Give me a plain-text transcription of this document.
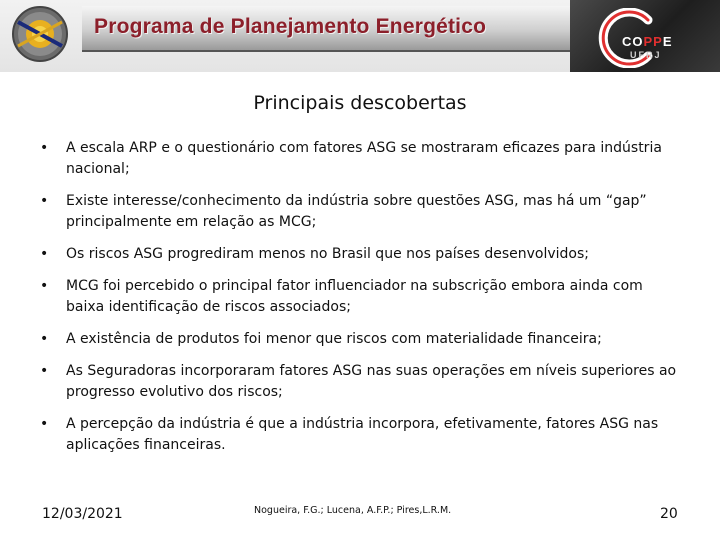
Programa de Planejamento Energético
COPPE
UFRJ
Principais descobertas
• A escala ARP e o questionário com fatores ASG se mostraram eficazes para indústria nacional;
• Existe interesse/conhecimento da indústria sobre questões ASG, mas há um “gap” principalmente em relação as MCG;
• Os riscos ASG progrediram menos no Brasil que nos países desenvolvidos;
• MCG foi percebido o principal fator influenciador na subscrição embora ainda com baixa identificação de riscos associados;
• A existência de produtos foi menor que riscos com materialidade financeira;
• As Seguradoras incorporaram fatores ASG nas suas operações em níveis superiores ao progresso evolutivo dos riscos;
• A percepção da indústria é que a indústria incorpora, efetivamente, fatores ASG nas aplicações financeiras.
12/03/2021	Nogueira, F.G.; Lucena, A.F.P.; Pires,L.R.M.	20
